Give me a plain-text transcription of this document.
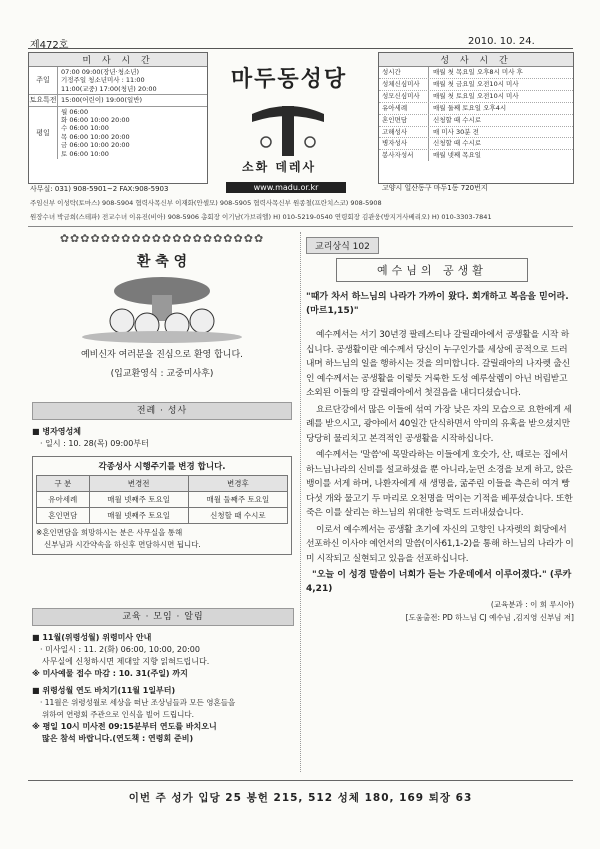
제472호	2010. 10. 24.
미 사 시 간
주일
07:00 09:00(장년·청소년)
기정주일 청소년미사 : 11:00
11:00(교중) 17:00(청년) 20:00
토요특전 15:00(어린이) 19:00(일반)
평일
월 06:00
화 06:00 10:00 20:00
수 06:00 10:00
목 06:00 10:00 20:00
금 06:00 10:00 20:00
토 06:00 10:00
마두동성당
소화 데레사
www.madu.or.kr
성 사 시 간
성시간	매월 첫 목요일 오후8시 미사 후
성체신심미사	매월 첫 금요일 오전10시 미사
성모신심미사	매월 첫 토요일 오전10시 미사
유아세례	매월 둘째 토요일 오후4시
혼인면담	신청할 때 수시로
고해성사	매 미사 30분 전
병자성사	신청할 때 수시로
봉사자성서	매월 넷째 목요일
사무실: 031) 908-5901~2 FAX:908-5903	고양시 일산동구 마두1동 720번지
주임신부 이성탁(토마스) 908-5904 협력사목신부 이재화(안셀모) 908-5905 협력사목신부 원종철(프란치스코) 908-5908
원장수녀 박금희(스테파) 전교수녀 이유진(비아) 908-5906 총회장 이기남(가브리엘) H) 010-5219-0540 연령회장 김관웅(방지거사베리오) H) 010-3303-7841
✿✿✿✿✿✿✿✿✿✿✿✿✿✿✿✿✿✿✿✿
환 축 영
예비신자 여러분을 진심으로 환영 합니다.
(입교환영식 : 교중미사후)
전례 · 성사
■ 병자영성체
· 일시 : 10. 28(목) 09:00부터
각종성사 시행주기를 변경 합니다.
구 분	변경전	변경후
유아세례	매월 넷째주 토요일	매월 둘째주 토요일
혼인면담	매월 넷째주 토요일	신청할 때 수시로
※혼인면담을 희망하시는 분은 사무실을 통해
신부님과 시간약속을 하신후 면담하시면 됩니다.
교육 · 모임 · 알림
■ 11월(위령성월) 위령미사 안내
· 미사일시 : 11. 2(화) 06:00, 10:00, 20:00
사무실에 신청하시면 제대앞 지향 읽혀드립니다.
※ 미사예물 접수 마감 : 10. 31(주일) 까지
■ 위령성월 연도 바치기(11월 1일부터)
· 11월은 위령성월로 세상을 떠난 조상님들과 모든 영혼들을
위하여 연령회 주관으로 인식을 빌어 드립니다.
※ 평일 10시 미사전 09:15분부터 연도를 바치오니
많은 참석 바랍니다.(연도책 : 연령회 준비)
교리상식 102
예수님의 공생활
"때가 차서 하느님의 나라가 가까이 왔다. 회개하고 복음을 믿어라.(마르1,15)"

예수께서는 서기 30년경 팔레스티나 갈릴래아에서 공생활을 시작 하십니다. 공생활이란 예수께서 당신이 누구인가를 세상에 공적으로 드러내며 하느님의 일을 행하시는 것을 의미합니다. 갈릴래아의 나자렛 출신인 예수께서는 공생활을 이렇듯 거룩한 도성 예루살렘이 아닌 버림받고 소외된 이들의 땅 갈릴래아에서 첫걸음을 내디디셨습니다.

요르단강에서 많은 이들에 섞여 가장 낮은 자의 모습으로 요한에게 세례를 받으시고, 광야에서 40일간 단식하면서 악미의 유혹을 받으셨지만 당당히 물리치고 본격적인 공생활을 시작하십니다.

예수께서는 '말씀'에 목말라하는 이들에게 호숫가, 산, 때로는 집에서 하느님나라의 신비를 설교하셨을 뿐 아니라,눈먼 소경을 보게 하고, 앉은뱅이를 서게 하며, 나환자에게 새 생명을, 굶주린 이들을 측은히 여겨 빵 다섯 개와 물고기 두 마리로 오천명을 먹이는 기적을 베푸셨습니다. 또한 죽은 이를 살리는 하느님의 위대한 능력도 드러내셨습니다.

이로서 예수께서는 공생활 초기에 자신의 고향인 나자렛의 회당에서 선포하신 이사야 예언서의 말씀(이사61,1-2)을 통해 하느님의 나라가 이미 시작되고 실현되고 있음을 선포하십니다.

"오늘 이 성경 말씀이 너희가 듣는 가운데에서 이루어졌다." (루카4,21)
(교육분과 : 이 희 루시아)
[도움출전: PD 하느님 CJ 예수님 ,김지영 신부님 저]
이번 주 성가 입당 25 봉헌 215, 512 성체 180, 169 퇴장 63
